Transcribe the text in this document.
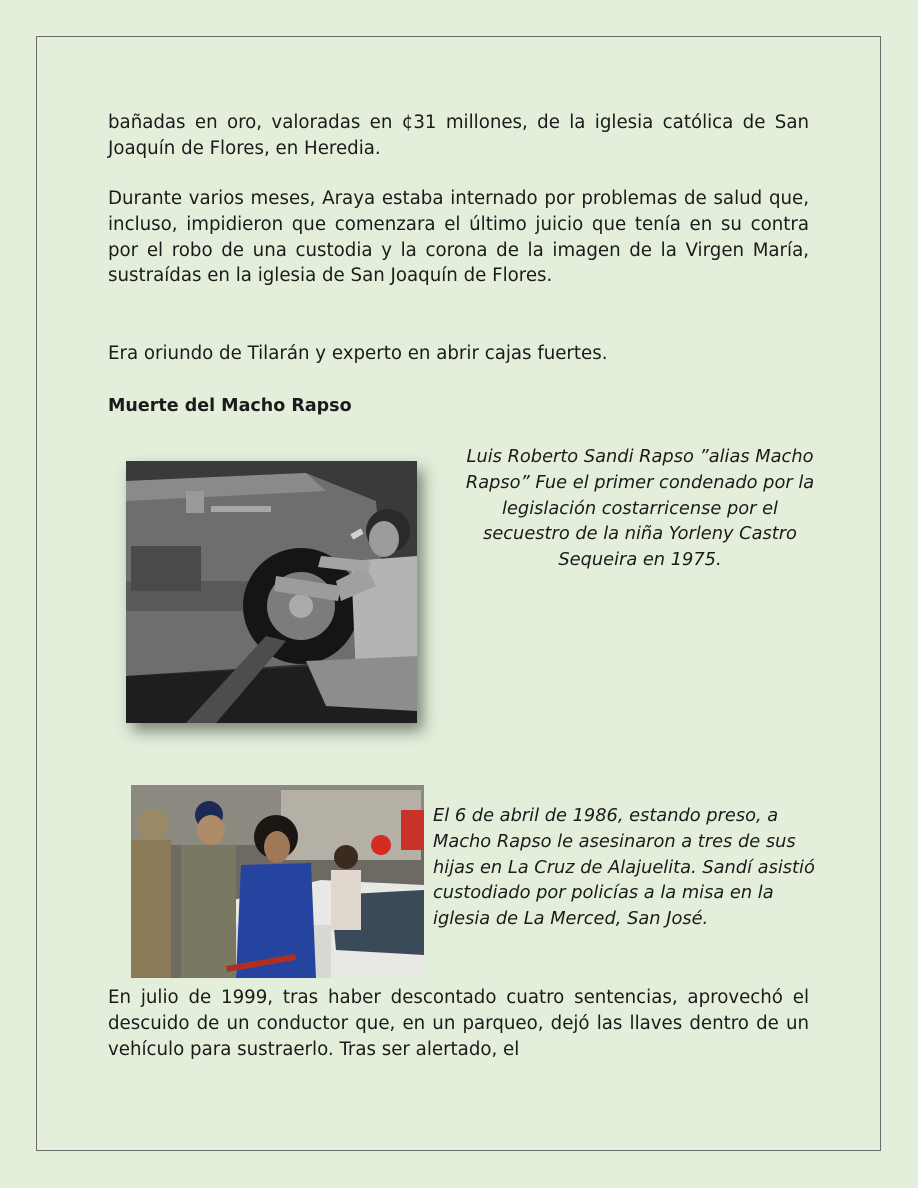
bañadas en oro, valoradas en ¢31 millones, de la iglesia católica de San Joaquín de Flores, en Heredia.

Durante varios meses, Araya estaba internado por problemas de salud que, incluso, impidieron que comenzara el último juicio que tenía en su contra por el robo de una custodia y la corona de la imagen de la Virgen María, sustraídas en la iglesia de San Joaquín de Flores.

Era oriundo de Tilarán y experto en abrir cajas fuertes.

Muerte del Macho Rapso

Luis Roberto Sandi Rapso ”alias Macho Rapso” Fue el primer condenado por la legislación costarricense por el secuestro de la niña Yorleny Castro Sequeira en 1975.

El 6 de abril de 1986, estando preso, a Macho Rapso le asesinaron a tres de sus hijas en La Cruz de Alajuelita. Sandí asistió custodiado por policías a la misa en la iglesia de La Merced, San José.

En julio de 1999, tras haber descontado cuatro sentencias, aprovechó el descuido de un conductor que, en un parqueo, dejó las llaves dentro de un vehículo para sustraerlo. Tras ser alertado, el
